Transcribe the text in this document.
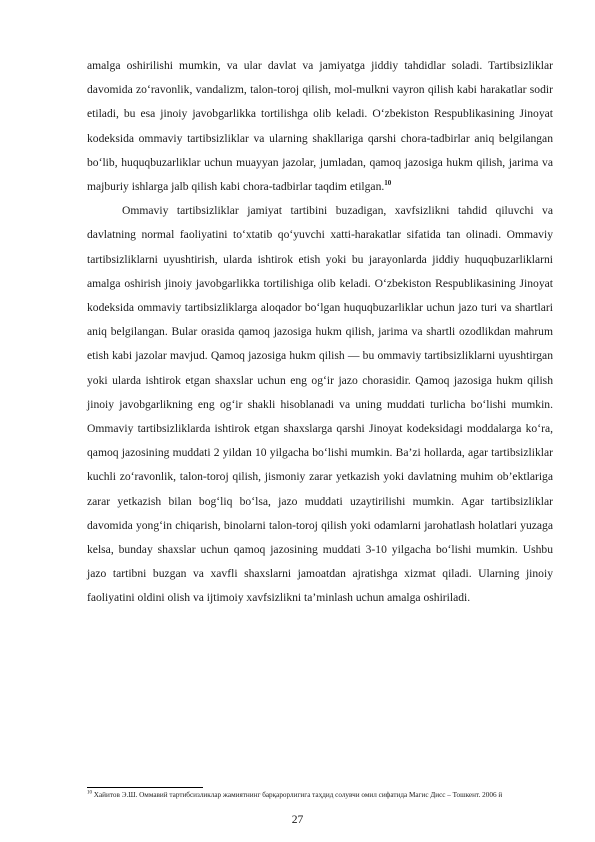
amalga oshirilishi mumkin, va ular davlat va jamiyatga jiddiy tahdidlar soladi. Tartibsizliklar davomida zo‘ravonlik, vandalizm, talon-toroj qilish, mol-mulkni vayron qilish kabi harakatlar sodir etiladi, bu esa jinoiy javobgarlikka tortilishga olib keladi. O‘zbekiston Respublikasining Jinoyat kodeksida ommaviy tartibsizliklar va ularning shakllariga qarshi chora-tadbirlar aniq belgilangan bo‘lib, huquqbuzarliklar uchun muayyan jazolar, jumladan, qamoq jazosiga hukm qilish, jarima va majburiy ishlarga jalb qilish kabi chora-tadbirlar taqdim etilgan.$^{10}$

Ommaviy tartibsizliklar jamiyat tartibini buzadigan, xavfsizlikni tahdid qiluvchi va davlatning normal faoliyatini to‘xtatib qo‘yuvchi xatti-harakatlar sifatida tan olinadi. Ommaviy tartibsizliklarni uyushtirish, ularda ishtirok etish yoki bu jarayonlarda jiddiy huquqbuzarliklarni amalga oshirish jinoiy javobgarlikka tortilishiga olib keladi. O‘zbekiston Respublikasining Jinoyat kodeksida ommaviy tartibsizliklarga aloqador bo‘lgan huquqbuzarliklar uchun jazo turi va shartlari aniq belgilangan. Bular orasida qamoq jazosiga hukm qilish, jarima va shartli ozodlikdan mahrum etish kabi jazolar mavjud. Qamoq jazosiga hukm qilish — bu ommaviy tartibsizliklarni uyushtirgan yoki ularda ishtirok etgan shaxslar uchun eng og‘ir jazo chorasidir. Qamoq jazosiga hukm qilish jinoiy javobgarlikning eng og‘ir shakli hisoblanadi va uning muddati turlicha bo‘lishi mumkin. Ommaviy tartibsizliklarda ishtirok etgan shaxslarga qarshi Jinoyat kodeksidagi moddalarga ko‘ra, qamoq jazosining muddati 2 yildan 10 yilgacha bo‘lishi mumkin. Ba’zi hollarda, agar tartibsizliklar kuchli zo‘ravonlik, talon-toroj qilish, jismoniy zarar yetkazish yoki davlatning muhim ob’ektlariga zarar yetkazish bilan bog‘liq bo‘lsa, jazo muddati uzaytirilishi mumkin. Agar tartibsizliklar davomida yong‘in chiqarish, binolarni talon-toroj qilish yoki odamlarni jarohatlash holatlari yuzaga kelsa, bunday shaxslar uchun qamoq jazosining muddati 3-10 yilgacha bo‘lishi mumkin. Ushbu jazo tartibni buzgan va xavfli shaxslarni jamoatdan ajratishga xizmat qiladi. Ularning jinoiy faoliyatini oldini olish va ijtimoiy xavfsizlikni ta’minlash uchun amalga oshiriladi.

$^{10}$ Хайитов Э.Ш. Оммавий тартибсизликлар жамиятнинг барқарорлигига таҳдид солувчи омил сифатида Магис Дисс – Тошкент. 2006 й
27
